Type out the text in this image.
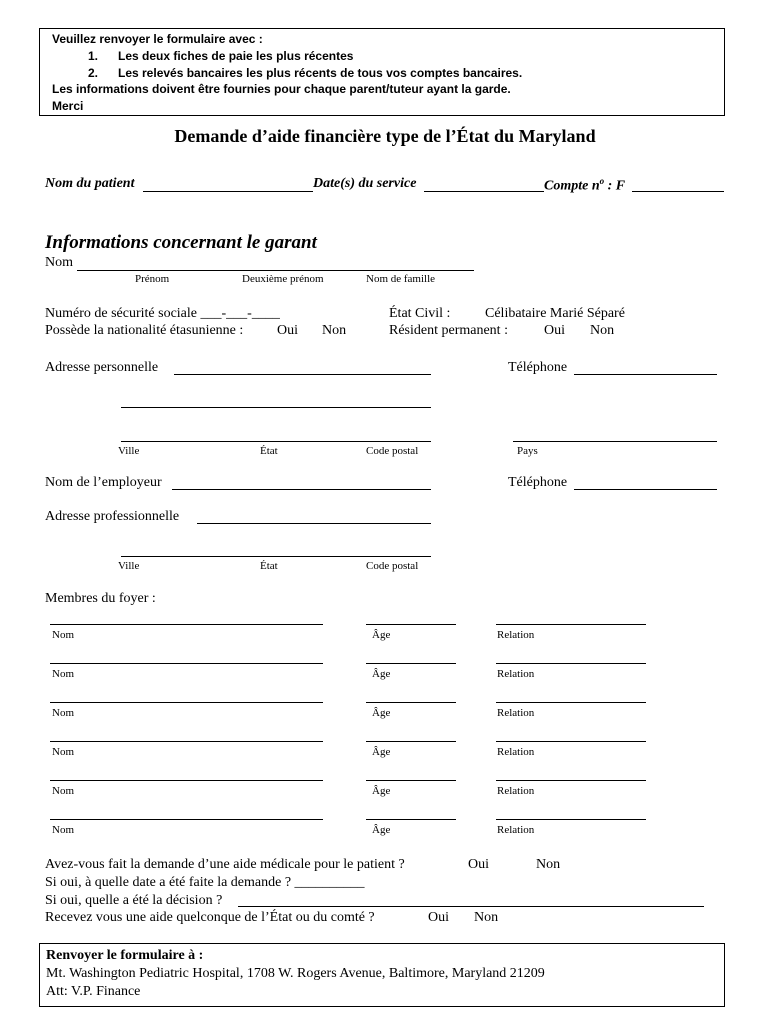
Veuillez renvoyer le formulaire avec :
1. Les deux fiches de paie les plus récentes
2. Les relevés bancaires les plus récents de tous vos comptes bancaires.
Les informations doivent être fournies pour chaque parent/tuteur ayant la garde.
Merci
Demande d’aide financière type de l’État du Maryland
Nom du patient	Date(s) du service	Compte $n^o$ : F
Informations concernant le garant
Nom
Prénom	Deuxième prénom	Nom de famille
Numéro de sécurité sociale ___-___-____	État Civil : Célibataire Marié Séparé
Possède la nationalité étasunienne : Oui Non	Résident permanent :	Oui Non
Adresse personnelle	Téléphone
Ville	État	Code postal	Pays
Nom de l’employeur	Téléphone
Adresse professionnelle
Ville	État	Code postal
Membres du foyer :
Nom	Âge	Relation
Nom	Âge	Relation
Nom	Âge	Relation
Nom	Âge	Relation
Nom	Âge	Relation
Nom	Âge	Relation
Avez-vous fait la demande d’une aide médicale pour le patient ?	Oui	Non
Si oui, à quelle date a été faite la demande ? __________
Si oui, quelle a été la décision ?
Recevez vous une aide quelconque de l’État ou du comté ?	Oui Non
Renvoyer le formulaire à :
Mt. Washington Pediatric Hospital, 1708 W. Rogers Avenue, Baltimore, Maryland 21209
Att: V.P. Finance
